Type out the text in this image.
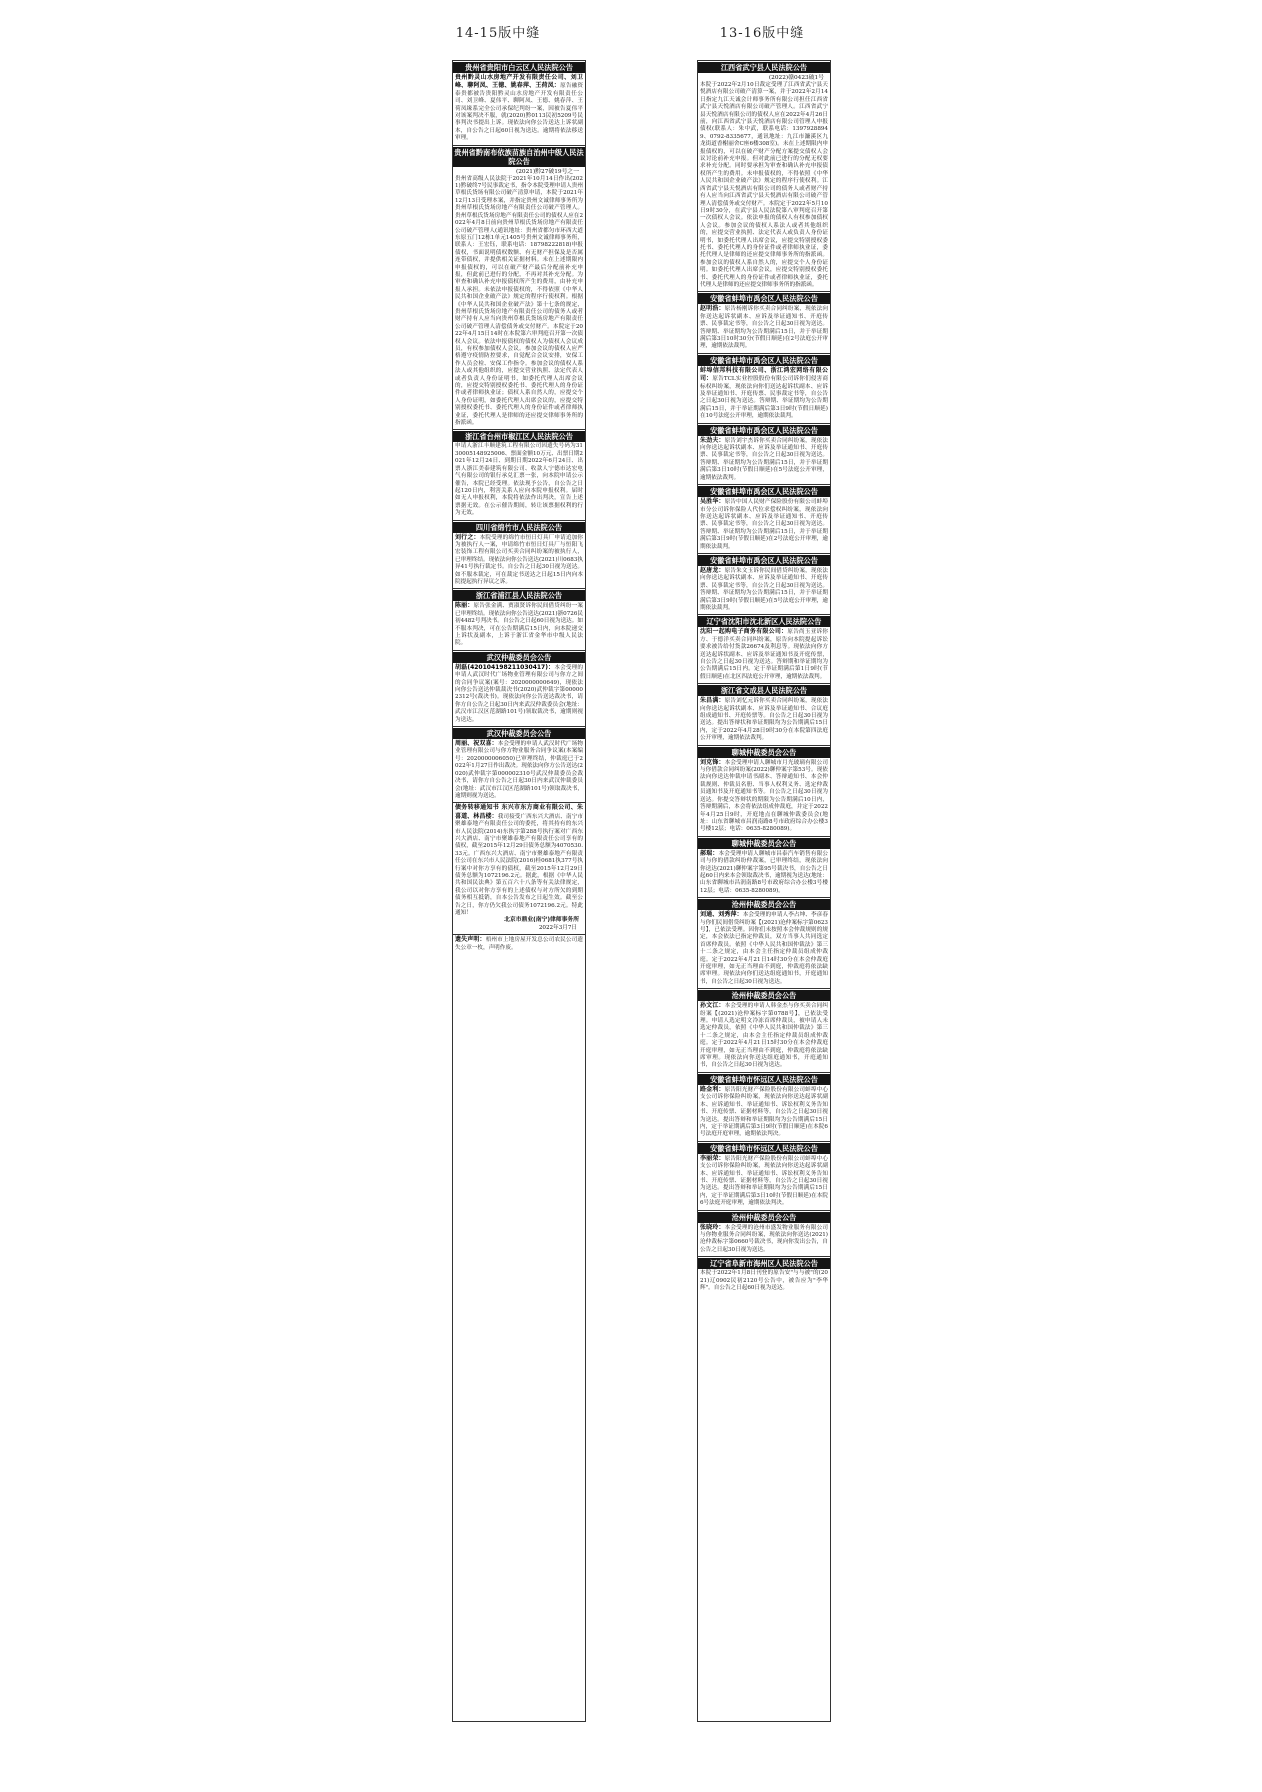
14-15版中缝	13-16版中缝
贵州省贵阳市白云区人民法院公告

贵州黔灵山水房地产开发有限责任公司、刘卫峰、聊阿凤、王徳、姚春萍、王荷凤：原告融资泰贵都被告贵阳黔灵山水房地产开发有限责任公司、刘卫峰、夏伟平、聊阿凤、王德、姚春萍、王荷凤缘系完全公司承保纪判纷一案，因被告夏伟平对该案判决不服，就(2020)黔0113民初5209号民事判决书提出上诉。现依法向你公告送达上诉状副本，自公告之日起60日视为送达。逾期将依法移送审理。

贵州省黔南布依族苗族自治州中级人民法院公告
(2021)黔27破19号之一

贵州省高级人民法院于2021年10月14日作出(2021)黔破终7号民事裁定书，指令本院受理申请人贵州草根氏货场有限公司破产清算申请，本院于2021年12月13日受理本案，并指定贵州文诚律师事务所为贵州草根氏货场房地产有限责任公司破产管理人。贵州草根氏货场房地产有限责任公司的债权人应在2022年4月8日前向贵州草根氏货场房地产有限责任公司破产管理人(通讯地址：贵州省都匀市环西大道东原五门12栋1单元1405号贵州文诚律师事务所，联系人：王宏钰，联系电话：18798222818)申报债权，书面说明债权数额、有无财产担保及是否属连带债权，并提供相关证据材料。未在上述期限内申报债权的，可以在破产财产最后分配前补充申报，但此前已进行的分配，不再对其补充分配。为审查和确认补充申报债权所产生的费用，由补充申报人承担。未依法申报债权的，不得依照《中华人民共和国企业破产法》规定的程序行使权利。根据《中华人民共和国企业破产法》第十七条的规定，贵州草根氏货场房地产有限责任公司的债务人或者财产持有人应当向贵州草根氏货场房地产有限责任公司破产管理人清偿债务或交付财产。本院定于2022年4月15日14时在本院第六审判庭召开第一次债权人会议。依法申报债权的债权人为债权人会议成员，有权参加债权人会议。参加会议的债权人应严格遵守疫情防控要求，自觉配合会议安排，安保工作人员会检、安保工作指令。参加会议的债权人系法人或其他组织的，应提交营业执照、法定代表人或者负责人身份证明书，如委托代理人出席会议的，应提交特别授权委托书、委托代理人的身份证件或者律师执业证；债权人系自然人的，应提交个人身份证明，如委托代理人出席会议的，应提交特别授权委托书、委托代理人的身份证件或者律师执业证，委托代理人是律师的还应提交律师事务所的指派函。

浙江省台州市椒江区人民法院公告

申请人浙江丰顺建筑工程有限公司因遗失号码为3130005148925006、票面金额10万元、出票日期2021年12月24日、到期日期2022年6月24日、出票人浙江美泰建筑有限公司、收款人宁德市达宏电气有限公司的银行承兑汇票一张，向本院申请公示催告，本院已经受理。依法现予公告，自公告之日起120日内，利害关系人应向本院申报权利。届时如无人申报权利，本院将依法作出判决，宣告上述票据无效。在公示催告期间，转让该票据权利的行为无效。

四川省绵竹市人民法院公告

刘行之：本院受理的绵竹市恒日灯具厂申请追加你为被执行人一案，申请绵竹市恒日灯具厂与恒阳飞宏装饰工程有限公司买卖合同纠纷案的被执行人，已审理终结。现依法向你公告送达(2021)川0683执异41号执行裁定书。自公告之日起30日视为送达。如不服本裁定，可在裁定书送达之日起15日内向本院提起执行异议之诉。

浙江省浦江县人民法院公告

陈丽：原告张金满、贾淑贤诉你民间借贷纠纷一案已审理终结。现依法向你公告送达(2021)浙0726民初4482号判决书。自公告之日起60日视为送达。如不服本判决，可在公告期满后15日内，向本院递交上诉状及副本，上诉于浙江省金华市中级人民法院。

武汉仲裁委员会公告

胡磊(420104198211030417)：本会受理的申请人武汉时代广场物业管理有限公司与你方之间的合同争议案(案号：2020000000649)，现依法向你公告送达仲裁裁决书(2020)武仲裁字第000002312号(裁决书)。现依法向你公告送达裁决书，请你方自公告之日起30日内来武汉仲裁委员会(地址：武汉市江汉区范湖路101号)领取裁决书，逾期则视为送达。

武汉仲裁委员会公告

周丽、祝双喜：本会受理的申请人武汉时代广场物业管理有限公司与你方物业服务合同争议案(本案编号：2020000006050)已审理终结，仲裁庭已于2022年1月27日作出裁决。现依法向你方公告送达(2020)武仲裁字第000002310号武汉仲裁委员会裁决书，请你方自公告之日起30日内来武汉仲裁委员会(地址：武汉市江汉区范湖路101号)领取裁决书，逾期则视为送达。

债务转移通知书 东兴市东方商业有限公司、朱喜道、林昌楼：我司接受广西东兴大酒店、南宁市聚雄泰地产有限责任公司的委托，将其持有的东兴市人民法院(2014)东执字第288号执行案对广西东兴大酒店、南宁市聚雄泰地产有限责任公司享有的债权，截至2015年12月29日债务总额为4070530.33元。广西东兴大酒店、南宁市聚雄泰地产有限责任公司在东兴市人民法院(2016)桂0681执377号执行案中对你方享有的债权，截至2015年12月29日债务总额为1072196.2元。据此，根据《中华人民共和国民法典》第五百六十八条等有关法律规定，我公司以对你方享有的上述债权与对方所欠的到期债务相互抵销，自本公告发布之日起生效。截至公告之日，你方仍欠我公司债务1072196.2元。特此通知！

北京市鼎业(南宁)律师事务所
2022年3月7日

遗失声明：梧州市上地房屋开发总公司农民公司遗失公章一枚，声明作废。

江西省武宁县人民法院公告
(2022)赣0423破1号

本院于2022年2月10日裁定受理了江西省武宁县天悦酒店有限公司破产清算一案，并于2022年2月14日指定九江天诚会计师事务所有限公司担任江西省武宁县天悦酒店有限公司破产管理人。江西省武宁县天悦酒店有限公司的债权人应在2022年4月26日前，向江西省武宁县天悦酒店有限公司管理人申报债权(联系人：朱中武，联系电话：13979288949、0792-8335677，通讯地址：九江市濂溪区九龙街道香榭丽舍C座6楼308室)。未在上述期限内申报债权的，可以在破产财产分配方案提交债权人会议讨论前补充申报。但对此前已进行的分配无权要求补充分配。同时要承担为审查和确认补充申报债权所产生的费用。未申报债权的，不得依照《中华人民共和国企业破产法》规定的程序行使权利。江西省武宁县天悦酒店有限公司的债务人或者财产持有人应当向江西省武宁县天悦酒店有限公司破产管理人清偿债务或交付财产。本院定于2022年5月10日9时30分，在武宁县人民法院第八审判庭召开第一次债权人会议。依法申报的债权人有权参加债权人会议。参加会议的债权人系法人或者其他组织的，应提交营业执照、法定代表人或负责人身份证明书，如委托代理人出席会议，应提交特别授权委托书、委托代理人的身份证件或者律师执业证，委托代理人是律师的还应提交律师事务所的指派函。参加会议的债权人系自然人的，应提交个人身份证明。如委托代理人出席会议，应提交特别授权委托书、委托代理人的身份证件或者律师执业证，委托代理人是律师的还应提交律师事务所的指派函。

安徽省蚌埠市禹会区人民法院公告

赵明浩：原告杨刚诉你买卖合同纠纷案，现依法向你送达起诉状副本、应诉及举证通知书、开庭传票、民事裁定书等，自公告之日起30日视为送达。答辩期、举证期均为公告期满后15日，并于举证期满后第3日10时30分(节假日顺延)在2号法庭公开审理，逾期依法裁判。

安徽省蚌埠市禹会区人民法院公告

蚌埠信邦科技有限公司、浙江鸿宏网络有限公司：原告TCL实业控股股份有限公司诉你们侵害商标权纠纷案，现依法向你们送达起诉状副本、应诉及举证通知书、开庭传票、民事裁定书等，自公告之日起30日视为送达。答辩期、举证期均为公告期满后15日，并于举证期满后第3日9时(节假日顺延)在10号法庭公开审理，逾期依法裁判。

安徽省蚌埠市禹会区人民法院公告

朱劲夫：原告刘宇杰诉你买卖合同纠纷案，现依法向你送达起诉状副本、应诉及举证通知书、开庭传票、民事裁定书等，自公告之日起30日视为送达。答辩期、举证期均为公告期满后15日，并于举证期满后第3日10时(节假日顺延)在5号法庭公开审理，逾期依法裁判。

安徽省蚌埠市禹会区人民法院公告

吴胜华：原告中国人民财产保险股份有限公司蚌埠市分公司诉你保险人代位求偿权纠纷案，现依法向你送达起诉状副本、应诉及举证通知书、开庭传票、民事裁定书等，自公告之日起30日视为送达。答辩期、举证期均为公告期满后15日，并于举证期满后第3日9时(节假日顺延)在2号法庭公开审理，逾期依法裁判。

安徽省蚌埠市禹会区人民法院公告

赵唐龙：原告朱文玉诉你民间借贷纠纷案，现依法向你送达起诉状副本、应诉及举证通知书、开庭传票、民事裁定书等，自公告之日起30日视为送达。答辩期、举证期均为公告期满后15日，并于举证期满后第3日9时(节假日顺延)在5号法庭公开审理，逾期依法裁判。

辽宁省沈阳市沈北新区人民法院公告

沈阳一起购电子商务有限公司：原告尚玉亚诉你方、于德洋买卖合同纠纷案，原告向本院提起诉讼要求被告给付货款26674及利息等。现依法向你方送达起诉状副本、应诉及举证通知书及开庭传票，自公告之日起30日视为送达。答辩期和举证期均为公告期满后15日内。定于举证期满后第1日9时(节假日顺延)在北区四法庭公开审理，逾期依法裁判。

浙江省文成县人民法院公告

朱昌满：原告刘忆元诉你买卖合同纠纷案，现依法向你送达起诉状副本、应诉及举证通知书、合议庭组成通知书、开庭传票等。自公告之日起30日视为送达。提出答辩状和举证期限均为公告期满后15日内，定于2022年4月28日9时30分在本院第四法庭公开审理，逾期依法裁判。

聊城仲裁委员会公告

刘克锋：本会受理申请人聊城市月光玻璃有限公司与你借款合同纠纷案(2022)聊仲案字第53号。现依法向你送达仲裁申请书副本、答辩通知书、本会仲裁规则、仲裁员名册、当事人权利义务、选定仲裁员通知书及开庭通知书等。自公告之日起30日视为送达。你提交答辩状的期限为公告期满后10日内，答辩期满后，本会将依法组成仲裁庭，并定于2022年4月25日9时，开庭地点在聊城仲裁委员会(地址：山东省聊城市昌润南路8号市政府综合办公楼3号楼12层；电话：0635-8280089)。

聊城仲裁委员会公告

郝瑞：本会受理申请人聊城市昌泰汽车销售有限公司与你的借款纠纷仲裁案，已审理终结，现依法向你送达(2021)聊仲案字第95号裁决书，自公告之日起60日内来本会领取裁决书，逾期视为送达(地址：山东省聊城市昌润南路8号市政府综合办公楼3号楼12层；电话：0635-8280089)。

沧州仲裁委员会公告

刘通、刘秀萍：本会受理的申请人李占坤、李彦春与你们民间借贷纠纷案【(2021)沧仲案标字第0623号】，已依法受理。因你们未按照本会仲裁规则的规定，本会依法已指定仲裁员，双方当事人共同选定首席仲裁员。依照《中华人民共和国仲裁法》第三十二条之规定，由本会主任指定仲裁员组成仲裁庭。定于2022年4月21日14时30分在本会仲裁庭开庭审理，如无正当理由不到庭，仲裁庭将依法缺席审理。现依法向你们送达组庭通知书，开庭通知书，自公告之日起30日视为送达。

沧州仲裁委员会公告

孙文江：本会受理的申请人韩金杰与你买卖合同纠纷案【(2021)沧仲案标字第0788号】，已依法受理。申请人选定明文冷冻首席仲裁员，被申请人未选定仲裁员，依照《中华人民共和国仲裁法》第三十二条之规定，由本会主任指定仲裁员组成仲裁庭。定于2022年4月21日15时30分在本会仲裁庭开庭审理，如无正当理由不到庭，仲裁庭将依法缺席审理。现依法向你送达组庭通知书，开庭通知书，自公告之日起30日视为送达。

安徽省蚌埠市怀远区人民法院公告

路金利：原告阳光财产保险股份有限公司蚌埠中心支公司诉你保险纠纷案，现依法向你送达起诉状副本、应诉通知书、举证通知书、诉讼权利义务告知书、开庭传票、证据材料等，自公告之日起30日视为送达。提出答辩和举证期限均为公告期满后15日内，定于举证期满后第3日9时(节假日顺延)在本院6号法庭开庭审理，逾期依法判决。

安徽省蚌埠市怀远区人民法院公告

李丽荣：原告阳光财产保险股份有限公司蚌埠中心支公司诉你保险纠纷案，现依法向你送达起诉状副本、应诉通知书、举证通知书、诉讼权利义务告知书、开庭传票、证据材料等，自公告之日起30日视为送达。提出答辩和举证期限均为公告期满后15日内，定于举证期满后第3日10时(节假日顺延)在本院6号法庭开庭审理，逾期依法判决。

沧州仲裁委员会公告

张晓玲：本会受理的沧州市盛发物业服务有限公司与你物业服务合同纠纷案，现依法向你送达(2021)沧仲裁标字第0660号裁决书，现向你发出公告，自公告之日起30日视为送达。

辽宁省阜新市海州区人民法院公告

本院于2022年1月8日刊登的原告安"与与被"的(2021)辽0902民初2120号公告中，被告应为"李华辉"。自公告之日起60日视为送达。
